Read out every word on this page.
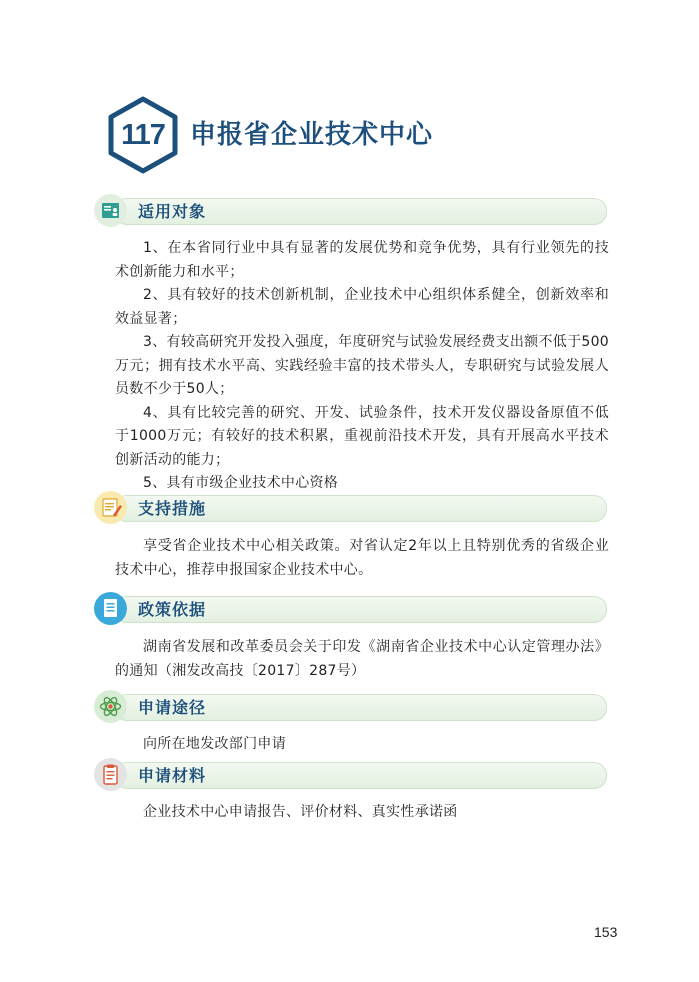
117 申报省企业技术中心
适用对象

1、在本省同行业中具有显著的发展优势和竞争优势，具有行业领先的技术创新能力和水平；

2、具有较好的技术创新机制，企业技术中心组织体系健全，创新效率和效益显著；

3、有较高研究开发投入强度，年度研究与试验发展经费支出额不低于500万元；拥有技术水平高、实践经验丰富的技术带头人，专职研究与试验发展人员数不少于50人；

4、具有比较完善的研究、开发、试验条件，技术开发仪器设备原值不低于1000万元；有较好的技术积累，重视前沿技术开发，具有开展高水平技术创新活动的能力；

5、具有市级企业技术中心资格

支持措施

享受省企业技术中心相关政策。对省认定2年以上且特别优秀的省级企业技术中心，推荐申报国家企业技术中心。

政策依据

湖南省发展和改革委员会关于印发《湖南省企业技术中心认定管理办法》的通知（湘发改高技〔2017〕287号）

申请途径

向所在地发改部门申请

申请材料

企业技术中心申请报告、评价材料、真实性承诺函

153
